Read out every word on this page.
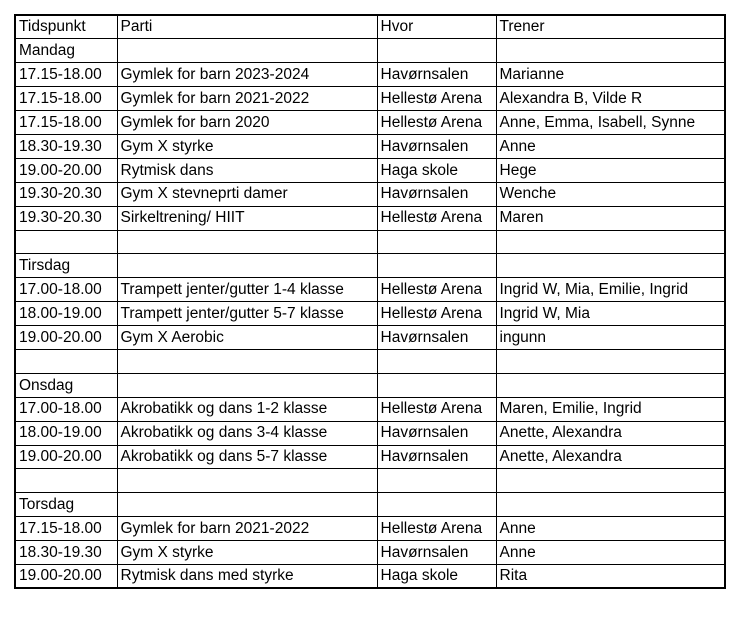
Tidspunkt	Parti	Hvor	Trener
Mandag			
17.15-18.00	Gymlek for barn 2023-2024	Havørnsalen	Marianne
17.15-18.00	Gymlek for barn 2021-2022	Hellestø Arena	Alexandra B, Vilde R
17.15-18.00	Gymlek for barn 2020	Hellestø Arena	Anne, Emma, Isabell, Synne
18.30-19.30	Gym X styrke	Havørnsalen	Anne
19.00-20.00	Rytmisk dans	Haga skole	Hege
19.30-20.30	Gym X stevneprti damer	Havørnsalen	Wenche
19.30-20.30	Sirkeltrening/ HIIT	Hellestø Arena	Maren

Tirsdag			
17.00-18.00	Trampett jenter/gutter 1-4 klasse	Hellestø Arena	Ingrid W, Mia, Emilie, Ingrid
18.00-19.00	Trampett jenter/gutter 5-7 klasse	Hellestø Arena	Ingrid W, Mia
19.00-20.00	Gym X Aerobic	Havørnsalen	ingunn

Onsdag			
17.00-18.00	Akrobatikk og dans 1-2 klasse	Hellestø Arena	Maren, Emilie, Ingrid
18.00-19.00	Akrobatikk og dans 3-4 klasse	Havørnsalen	Anette, Alexandra
19.00-20.00	Akrobatikk og dans 5-7 klasse	Havørnsalen	Anette, Alexandra

Torsdag			
17.15-18.00	Gymlek for barn 2021-2022	Hellestø Arena	Anne
18.30-19.30	Gym X styrke	Havørnsalen	Anne
19.00-20.00	Rytmisk dans med styrke	Haga skole	Rita
